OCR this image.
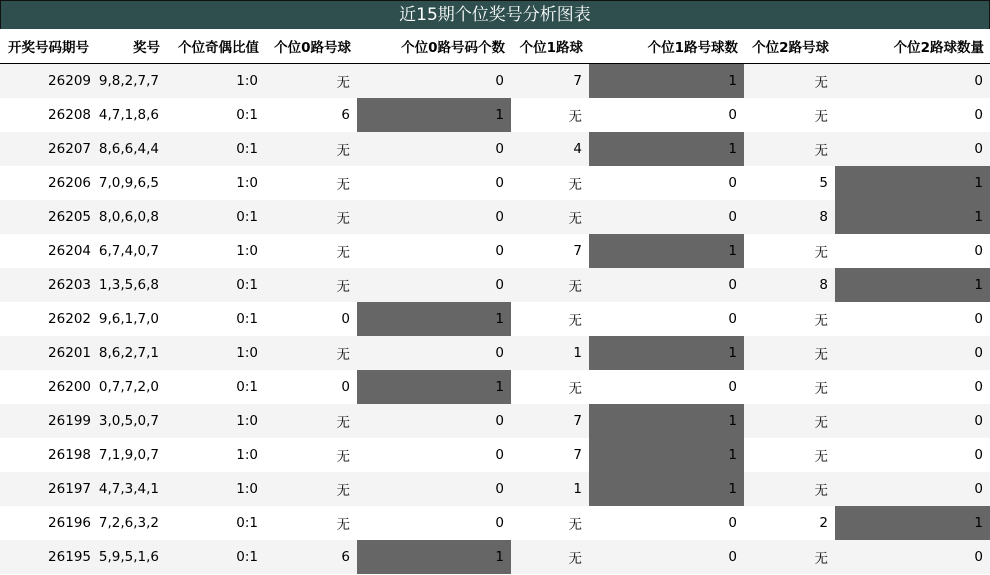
近15期个位奖号分析图表
开奖号码期号	奖号	个位奇偶比值	个位0路号球	个位0路号码个数	个位1路球	个位1路号球数	个位2路号球	个位2路球数量
26209	9,8,2,7,7	1:0	无	0	7	1	无	0
26208	4,7,1,8,6	0:1	6	1	无	0	无	0
26207	8,6,6,4,4	0:1	无	0	4	1	无	0
26206	7,0,9,6,5	1:0	无	0	无	0	5	1
26205	8,0,6,0,8	0:1	无	0	无	0	8	1
26204	6,7,4,0,7	1:0	无	0	7	1	无	0
26203	1,3,5,6,8	0:1	无	0	无	0	8	1
26202	9,6,1,7,0	0:1	0	1	无	0	无	0
26201	8,6,2,7,1	1:0	无	0	1	1	无	0
26200	0,7,7,2,0	0:1	0	1	无	0	无	0
26199	3,0,5,0,7	1:0	无	0	7	1	无	0
26198	7,1,9,0,7	1:0	无	0	7	1	无	0
26197	4,7,3,4,1	1:0	无	0	1	1	无	0
26196	7,2,6,3,2	0:1	无	0	无	0	2	1
26195	5,9,5,1,6	0:1	6	1	无	0	无	0
